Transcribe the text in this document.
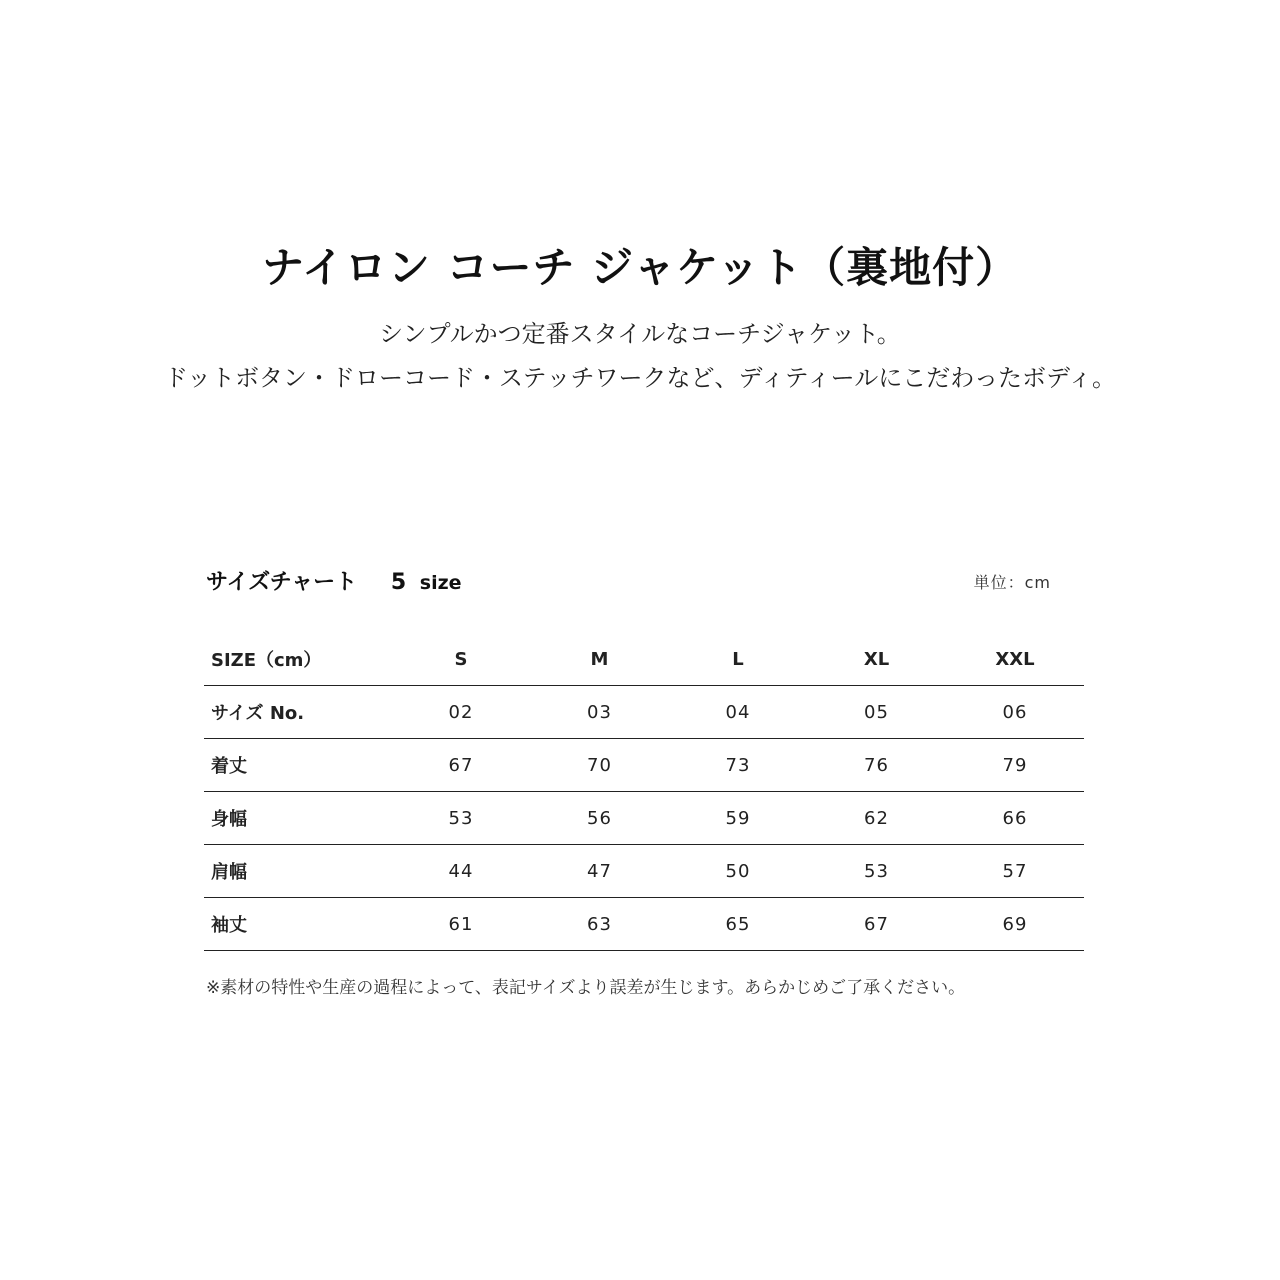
ナイロン コーチ ジャケット（裏地付）

シンプルかつ定番スタイルなコーチジャケット。

ドットボタン・ドローコード・ステッチワークなど、ディティールにこだわったボディ。

サイズチャート 5 size	単位：cm
SIZE（cm）	S	M	L	XL	XXL
サイズ No.	02	03	04	05	06
着丈	67	70	73	76	79
身幅	53	56	59	62	66
肩幅	44	47	50	53	57
袖丈	61	63	65	67	69

※素材の特性や生産の過程によって、表記サイズより誤差が生じます。あらかじめご了承ください。
